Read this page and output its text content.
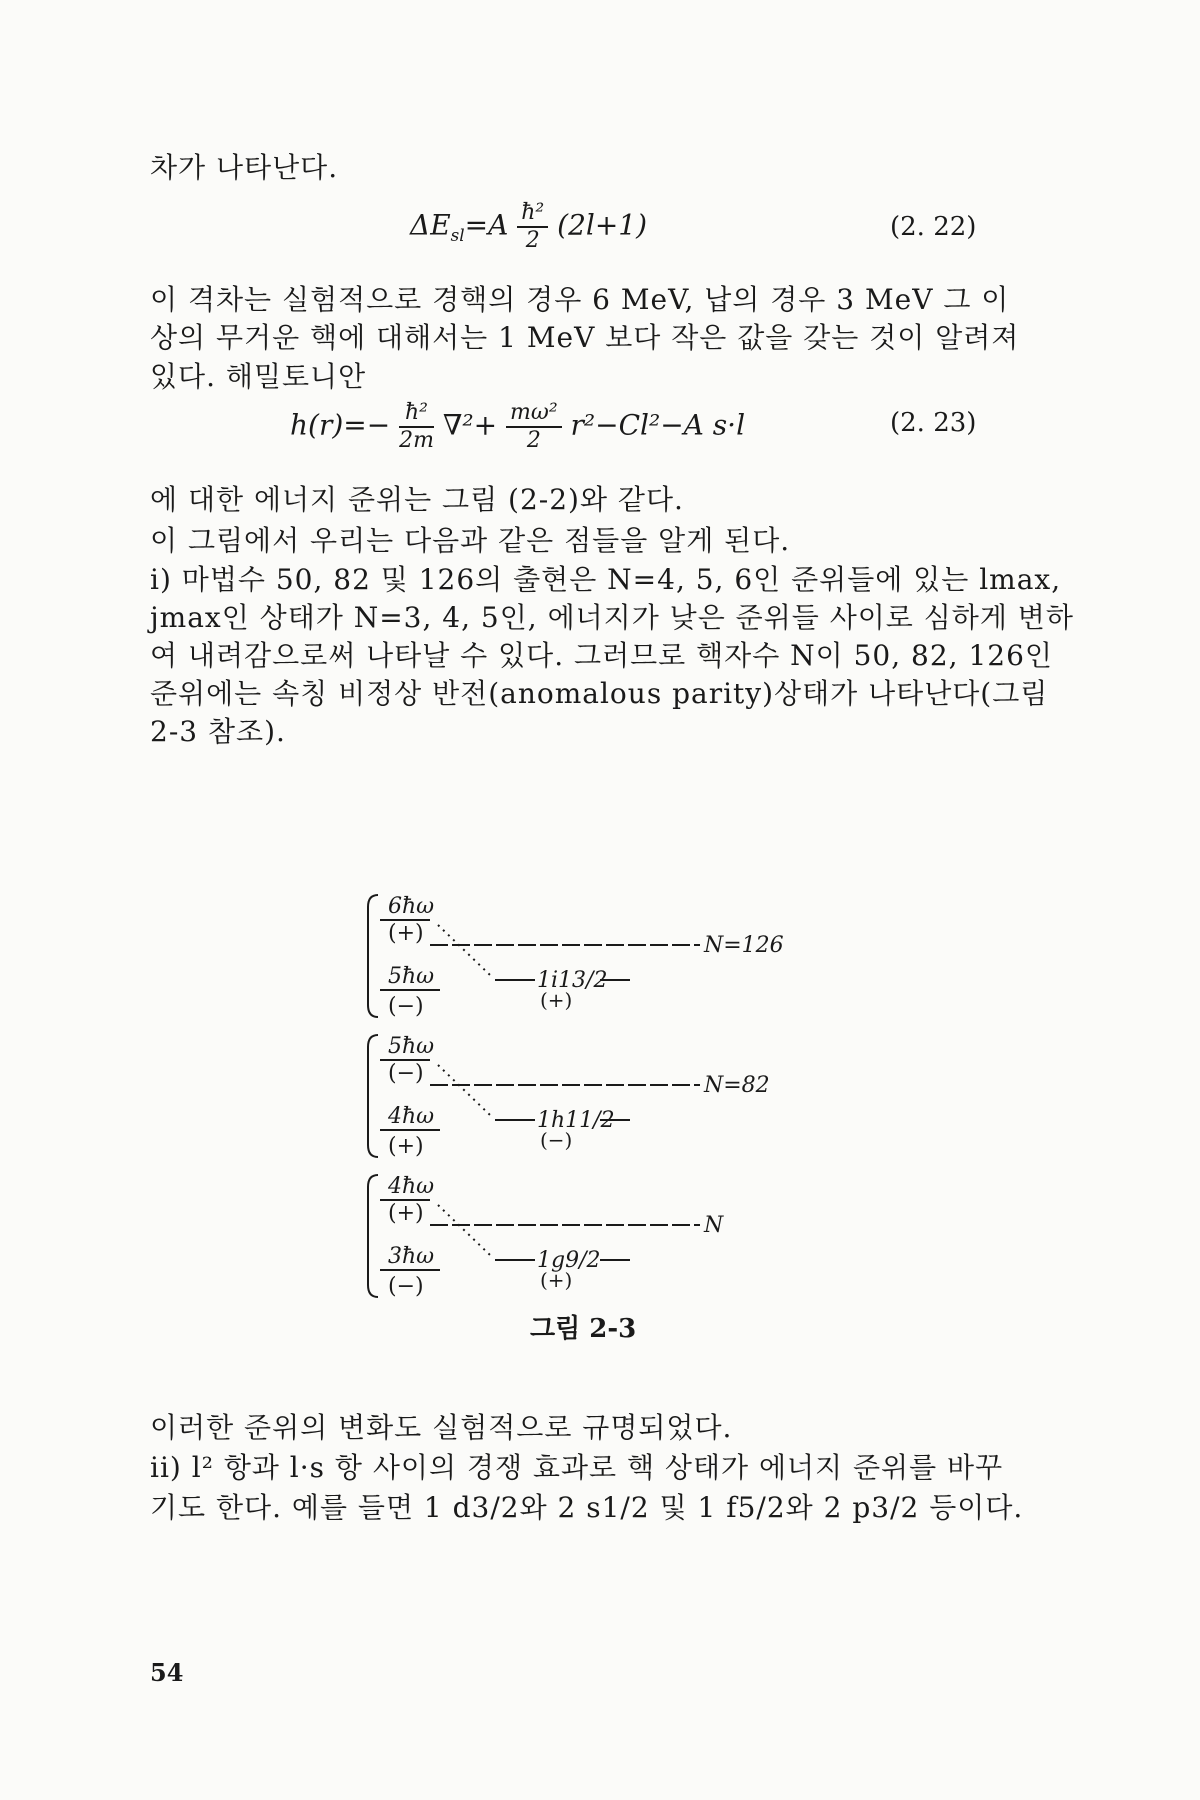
차가 나타난다.
$\Delta E_{sl}=A \frac{\text{ħ²}}{2} (2l+1)$	(2. 22)
이 격차는 실험적으로 경핵의 경우 6 MeV, 납의 경우 3 MeV 그 이
상의 무거운 핵에 대해서는 1 MeV 보다 작은 값을 갖는 것이 알려져
있다. 해밀토니안
$h(r)=- \frac{\text{ħ²}}{2m} \nabla^2+ \frac{\text{mω²}}{2} r^2-Cl^2-A$ s·l	(2. 23)
에 대한 에너지 준위는 그림 (2-2)와 같다.
이 그림에서 우리는 다음과 같은 점들을 알게 된다.
i) 마법수 50, 82 및 126의 출현은 N=4, 5, 6인 준위들에 있는 lmax,
jmax인 상태가 N=3, 4, 5인, 에너지가 낮은 준위들 사이로 심하게 변하
여 내려감으로써 나타날 수 있다. 그러므로 핵자수 N이 50, 82, 126인
준위에는 속칭 비정상 반전(anomalous parity)상태가 나타난다(그림
2-3 참조).
6ħω
(+)	N=126
1i13/2
(+)
5ħω
(−)
5ħω
(−)	N=82
1h11/2
(−)
4ħω
(+)
4ħω
(+)	N
1g9/2
(+)
3ħω
(−)
그림 2-3
이러한 준위의 변화도 실험적으로 규명되었다.
ii) l² 항과 l·s 항 사이의 경쟁 효과로 핵 상태가 에너지 준위를 바꾸
기도 한다. 예를 들면 1 d3/2와 2 s1/2 및 1 f5/2와 2 p3/2 등이다.
54
